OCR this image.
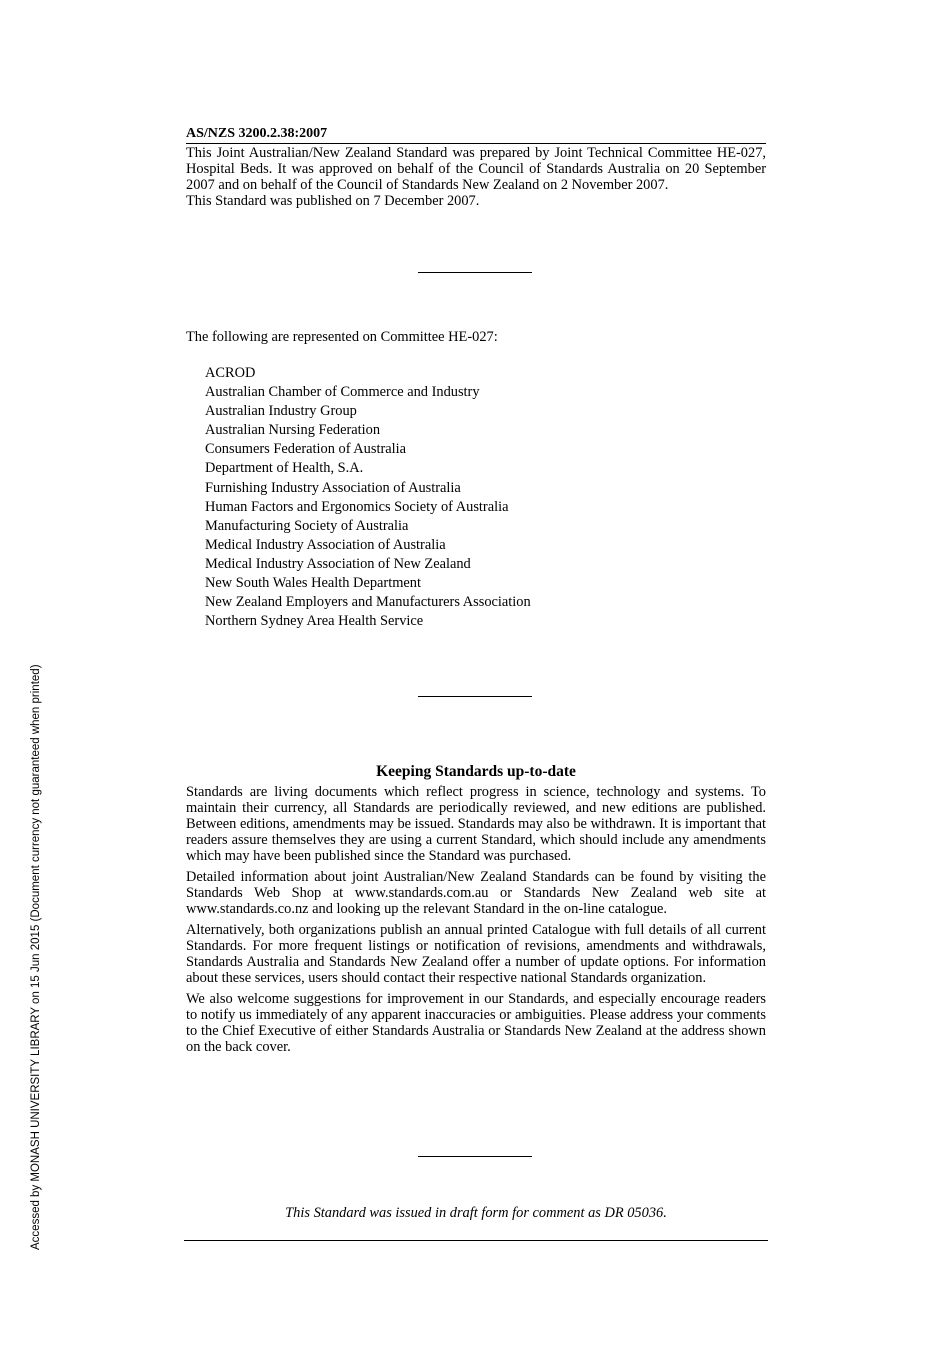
Accessed by MONASH UNIVERSITY LIBRARY on 15 Jun 2015 (Document currency not guaranteed when printed)
AS/NZS 3200.2.38:2007

This Joint Australian/New Zealand Standard was prepared by Joint Technical Committee HE-027, Hospital Beds. It was approved on behalf of the Council of Standards Australia on 20 September 2007 and on behalf of the Council of Standards New Zealand on 2 November 2007.

This Standard was published on 7 December 2007.

The following are represented on Committee HE-027:
ACROD
Australian Chamber of Commerce and Industry
Australian Industry Group
Australian Nursing Federation
Consumers Federation of Australia
Department of Health, S.A.
Furnishing Industry Association of Australia
Human Factors and Ergonomics Society of Australia
Manufacturing Society of Australia
Medical Industry Association of Australia
Medical Industry Association of New Zealand
New South Wales Health Department
New Zealand Employers and Manufacturers Association
Northern Sydney Area Health Service
Keeping Standards up-to-date

Standards are living documents which reflect progress in science, technology and systems. To maintain their currency, all Standards are periodically reviewed, and new editions are published. Between editions, amendments may be issued. Standards may also be withdrawn. It is important that readers assure themselves they are using a current Standard, which should include any amendments which may have been published since the Standard was purchased.

Detailed information about joint Australian/New Zealand Standards can be found by visiting the Standards Web Shop at www.standards.com.au or Standards New Zealand web site at www.standards.co.nz and looking up the relevant Standard in the on-line catalogue.

Alternatively, both organizations publish an annual printed Catalogue with full details of all current Standards. For more frequent listings or notification of revisions, amendments and withdrawals, Standards Australia and Standards New Zealand offer a number of update options. For information about these services, users should contact their respective national Standards organization.

We also welcome suggestions for improvement in our Standards, and especially encourage readers to notify us immediately of any apparent inaccuracies or ambiguities. Please address your comments to the Chief Executive of either Standards Australia or Standards New Zealand at the address shown on the back cover.

This Standard was issued in draft form for comment as DR 05036.
